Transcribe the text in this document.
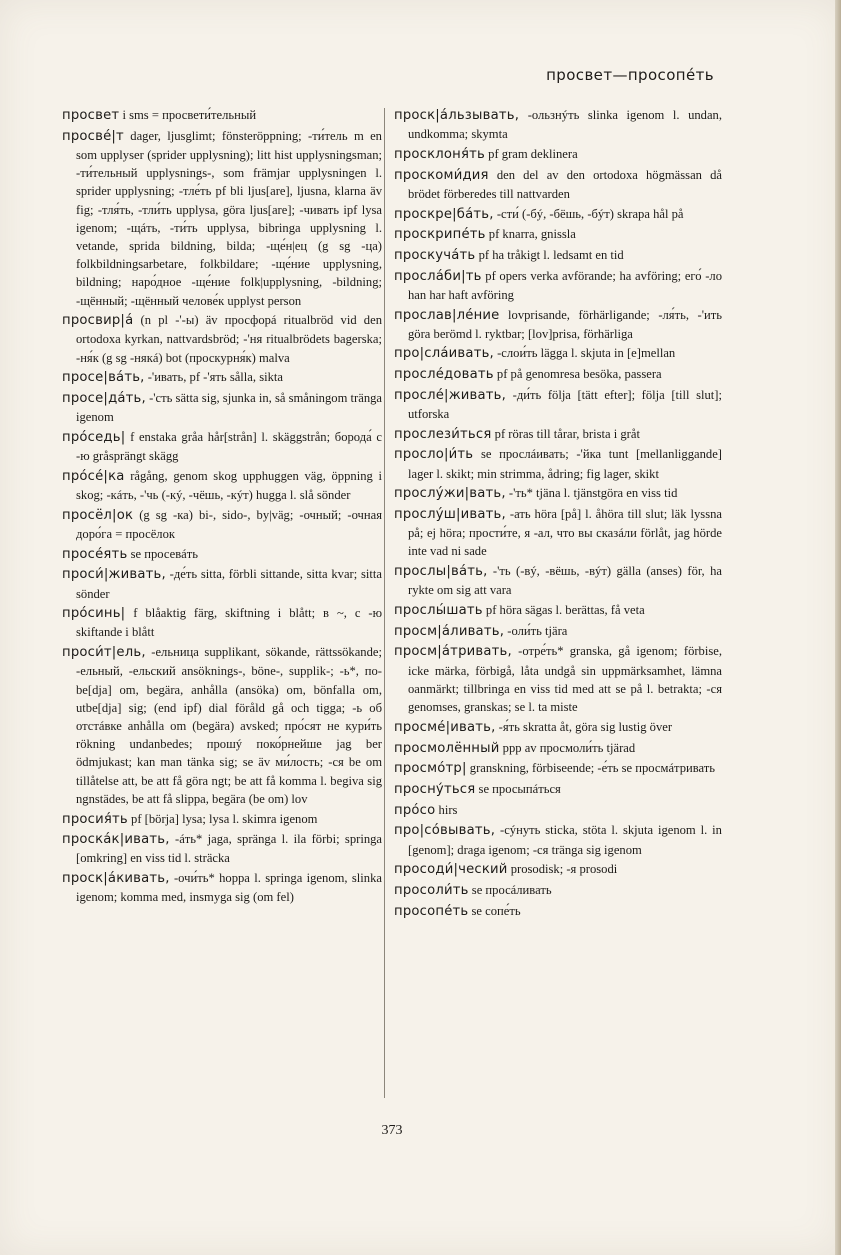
просвет—просопе́ть
просвет i sms = просвети́тельный
просве́|т dager, ljusglimt; fönsteröppning; -ти́тель m en som upplyser (sprider upplysning); litt hist upplysningsman; -ти́тельный upplysnings-, som främjar upplysningen l. sprider upplysning; -тле́ть pf bli ljus[are], ljusna, klarna äv fig; -тля́ть, -тли́ть upplysa, göra ljus[are]; -чивать ipf lysa igenom; -щáть, -ти́ть upplysa, bibringa upplysning l. vetande, sprida bildning, bilda; -ще́н|ец (g sg -ца) folkbildningsarbetare, folkbildare; -ще́ние upplysning, bildning; наро́дное -ще́ние folk|upplysning, -bildning; -щённый; -щённый челове́к upplyst person
просвир|á (n pl -'-ы) äv просфорá ritualbröd vid den ortodoxa kyrkan, nattvardsbröd; -'ня ritualbrödets bagerska; -ня́к (g sg -някá) bot (проскурня́к) malva
просе|вáть, -'ивать, pf -'ять sålla, sikta
просе|дáть, -'сть sätta sig, sjunka in, så småningom tränga igenom
про́седь| f enstaka gråa hår[strån] l. skäggstrån; борода́ с -ю gråsprängt skägg
про́се́|ка rågång, genom skog upphuggen väg, öppning i skog; -кáть, -'чь (-кý, -чёшь, -кýт) hugga l. slå sönder
просёл|ок (g sg -ка) bi-, sido-, by|väg; -очный; -очная доро́га = просёлок
просе́ять se просевáть
проси́|живать, -де́ть sitta, förbli sittande, sitta kvar; sitta sönder
про́синь| f blåaktig färg, skiftning i blått; в ~, с -ю skiftande i blått
проси́т|ель, -ельница supplikant, sökande, rättssökande; -ельный, -ельский ansöknings-, böne-, supplik-; -ь*, по- be[dja] om, begära, anhålla (ansöka) om, bönfalla om, utbe[dja] sig; (end ipf) dial föråld gå och tigga; -ь об отстáвке anhålla om (begära) avsked; про́сят не кури́ть rökning undanbedes; прошý поко́рнейше jag ber ödmjukast; kan man tänka sig; se äv ми́лость; -ся be om tillåtelse att, be att få göra ngt; be att få komma l. begiva sig ngnstädes, be att få slippa, begära (be om) lov
просия́ть pf [börja] lysa; lysa l. skimra igenom
проска́к|ивать, -áть* jaga, spränga l. ila förbi; springa [omkring] en viss tid l. sträcka
проск|áкивать, -очи́ть* hoppa l. springa igenom, slinka igenom; komma med, insmyga sig (om fel)
проск|áльзывать, -ользнýть slinka igenom l. undan, undkomma; skymta
просклоня́ть pf gram deklinera
проскоми́дия den del av den ortodoxa högmässan då brödet förberedes till nattvarden
проскре|бáть, -сти́ (-бý, -бёшь, -бýт) skrapa hål på
проскрипе́ть pf knarra, gnissla
проскучáть pf ha tråkigt l. ledsamt en tid
просла́би|ть pf opers verka avförande; ha avföring; его́ -ло han har haft avföring
прослав|ле́ние lovprisande, förhärligande; -ля́ть, -'ить göra berömd l. ryktbar; [lov]prisa, förhärliga
про|слáивать, -слои́ть lägga l. skjuta in [e]mellan
просле́довать pf på genomresa besöka, passera
просле́|живать, -ди́ть följa [tätt efter]; följa [till slut]; utforska
прослези́ться pf röras till tårar, brista i gråt
просло|и́ть se прослáивать; -'йка tunt [mellanliggande] lager l. skikt; min strimma, ådring; fig lager, skikt
прослу́жи|вать, -'ть* tjäna l. tjänstgöra en viss tid
прослу́ш|ивать, -ать höra [på] l. åhöra till slut; läk lyssna på; ej höra; прости́те, я -ал, что вы сказáли förlåt, jag hörde inte vad ni sade
прослы|вáть, -'ть (-вý, -вёшь, -вýт) gälla (anses) för, ha rykte om sig att vara
прослы́шать pf höra sägas l. berättas, få veta
просм|áливать, -оли́ть tjära
просм|áтривать, -отре́ть* granska, gå igenom; förbise, icke märka, förbigå, låta undgå sin uppmärksamhet, lämna oanmärkt; tillbringa en viss tid med att se på l. betrakta; -ся genomses, granskas; se l. ta miste
просме́|ивать, -я́ть skratta åt, göra sig lustig över
просмолённый ppp av просмоли́ть tjärad
просмо́тр| granskning, förbiseende; -е́ть se просмáтривать
проснýться se просыпáться
про́со hirs
про|со́вывать, -сýнуть sticka, stöta l. skjuta igenom l. in [genom]; draga igenom; -ся tränga sig igenom
просоди́|ческий prosodisk; -я prosodi
просоли́ть se просáливать
просопе́ть se сопе́ть
373
